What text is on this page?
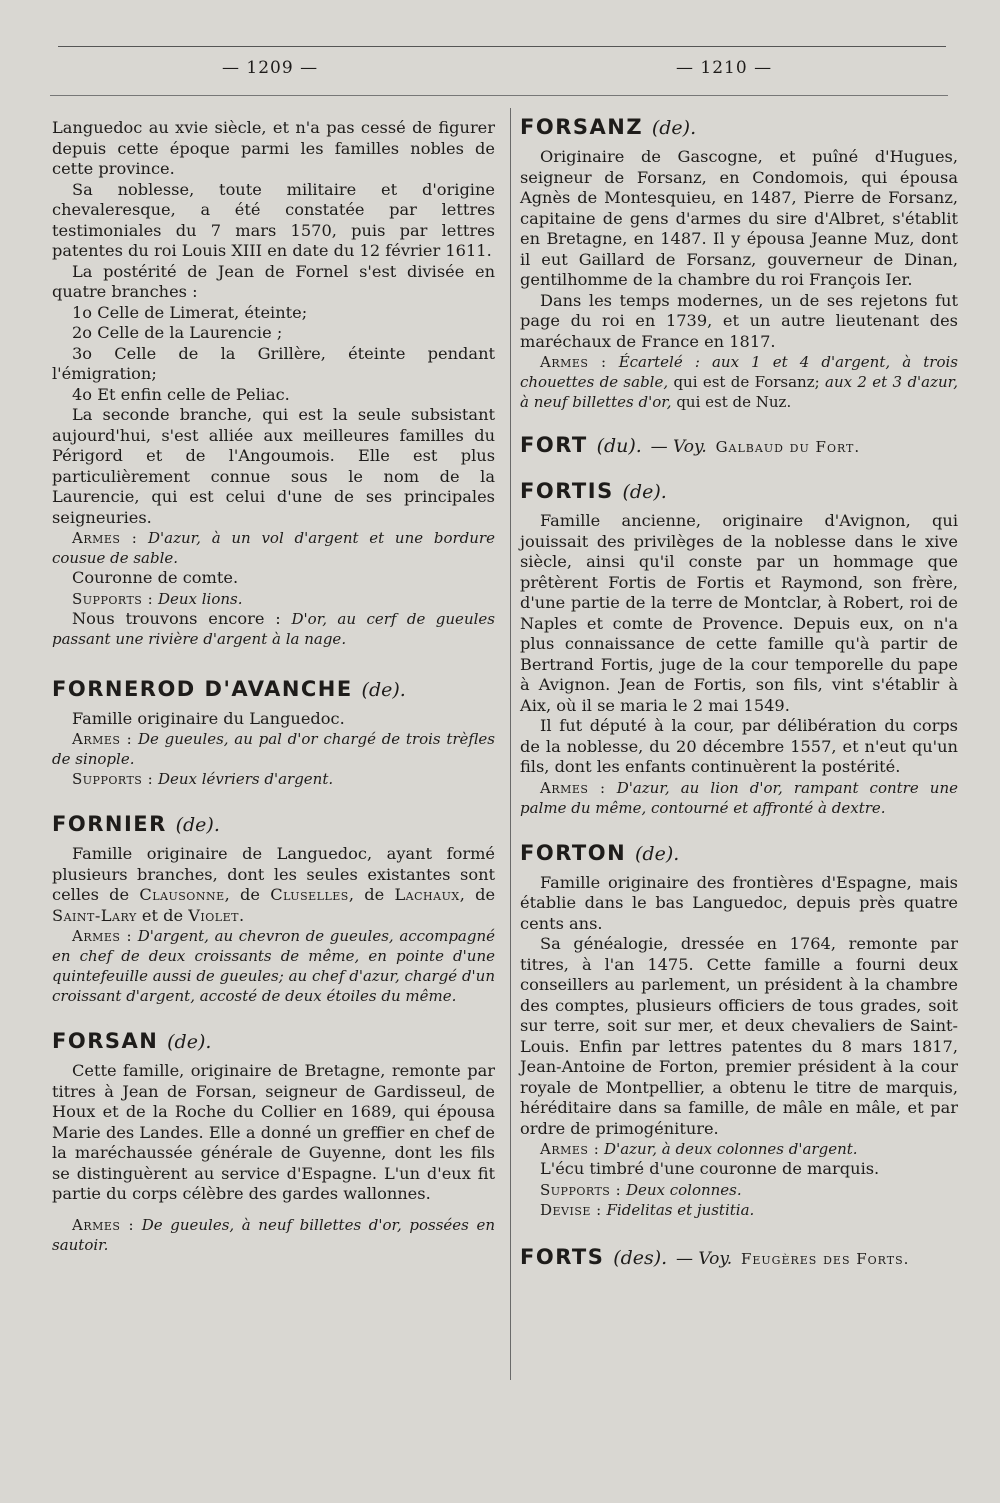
— 1209 —	— 1210 —

Languedoc au xvie siècle, et n'a pas cessé de figurer depuis cette époque parmi les familles nobles de cette province.

Sa noblesse, toute militaire et d'origine chevaleresque, a été constatée par lettres testimoniales du 7 mars 1570, puis par lettres patentes du roi Louis XIII en date du 12 février 1611.

La postérité de Jean de Fornel s'est divisée en quatre branches :

1o Celle de Limerat, éteinte;

2o Celle de la Laurencie ;

3o Celle de la Grillère, éteinte pendant l'émigration;

4o Et enfin celle de Peliac.

La seconde branche, qui est la seule subsistant aujourd'hui, s'est alliée aux meilleures familles du Périgord et de l'Angoumois. Elle est plus particulièrement connue sous le nom de la Laurencie, qui est celui d'une de ses principales seigneuries.

Armes : D'azur, à un vol d'argent et une bordure cousue de sable.

Couronne de comte.

Supports : Deux lions.

Nous trouvons encore : D'or, au cerf de gueules passant une rivière d'argent à la nage.

FORNEROD D'AVANCHE (de).

Famille originaire du Languedoc.

Armes : De gueules, au pal d'or chargé de trois trèfles de sinople.

Supports : Deux lévriers d'argent.

FORNIER (de).

Famille originaire de Languedoc, ayant formé plusieurs branches, dont les seules existantes sont celles de Clausonne, de Cluselles, de Lachaux, de Saint-Lary et de Violet.

Armes : D'argent, au chevron de gueules, accompagné en chef de deux croissants de même, en pointe d'une quintefeuille aussi de gueules; au chef d'azur, chargé d'un croissant d'argent, accosté de deux étoiles du même.

FORSAN (de).

Cette famille, originaire de Bretagne, remonte par titres à Jean de Forsan, seigneur de Gardisseul, de Houx et de la Roche du Collier en 1689, qui épousa Marie des Landes. Elle a donné un greffier en chef de la maréchaussée générale de Guyenne, dont les fils se distinguèrent au service d'Espagne. L'un d'eux fit partie du corps célèbre des gardes wallonnes.

Armes : De gueules, à neuf billettes d'or, possées en sautoir.

FORSANZ (de).

Originaire de Gascogne, et puîné d'Hugues, seigneur de Forsanz, en Condomois, qui épousa Agnès de Montesquieu, en 1487, Pierre de Forsanz, capitaine de gens d'armes du sire d'Albret, s'établit en Bretagne, en 1487. Il y épousa Jeanne Muz, dont il eut Gaillard de Forsanz, gouverneur de Dinan, gentilhomme de la chambre du roi François Ier.

Dans les temps modernes, un de ses rejetons fut page du roi en 1739, et un autre lieutenant des maréchaux de France en 1817.

Armes : Écartelé : aux 1 et 4 d'argent, à trois chouettes de sable, qui est de Forsanz; aux 2 et 3 d'azur, à neuf billettes d'or, qui est de Nuz.

FORT (du). — Voy. Galbaud du Fort.
FORTIS (de).

Famille ancienne, originaire d'Avignon, qui jouissait des privilèges de la noblesse dans le xive siècle, ainsi qu'il conste par un hommage que prêtèrent Fortis de Fortis et Raymond, son frère, d'une partie de la terre de Montclar, à Robert, roi de Naples et comte de Provence. Depuis eux, on n'a plus connaissance de cette famille qu'à partir de Bertrand Fortis, juge de la cour temporelle du pape à Avignon. Jean de Fortis, son fils, vint s'établir à Aix, où il se maria le 2 mai 1549.

Il fut député à la cour, par délibération du corps de la noblesse, du 20 décembre 1557, et n'eut qu'un fils, dont les enfants continuèrent la postérité.

Armes : D'azur, au lion d'or, rampant contre une palme du même, contourné et affronté à dextre.

FORTON (de).

Famille originaire des frontières d'Espagne, mais établie dans le bas Languedoc, depuis près quatre cents ans.

Sa généalogie, dressée en 1764, remonte par titres, à l'an 1475. Cette famille a fourni deux conseillers au parlement, un président à la chambre des comptes, plusieurs officiers de tous grades, soit sur terre, soit sur mer, et deux chevaliers de Saint-Louis. Enfin par lettres patentes du 8 mars 1817, Jean-Antoine de Forton, premier président à la cour royale de Montpellier, a obtenu le titre de marquis, héréditaire dans sa famille, de mâle en mâle, et par ordre de primogéniture.

Armes : D'azur, à deux colonnes d'argent.

L'écu timbré d'une couronne de marquis.

Supports : Deux colonnes.

Devise : Fidelitas et justitia.

FORTS (des). — Voy. Feugères des Forts.
